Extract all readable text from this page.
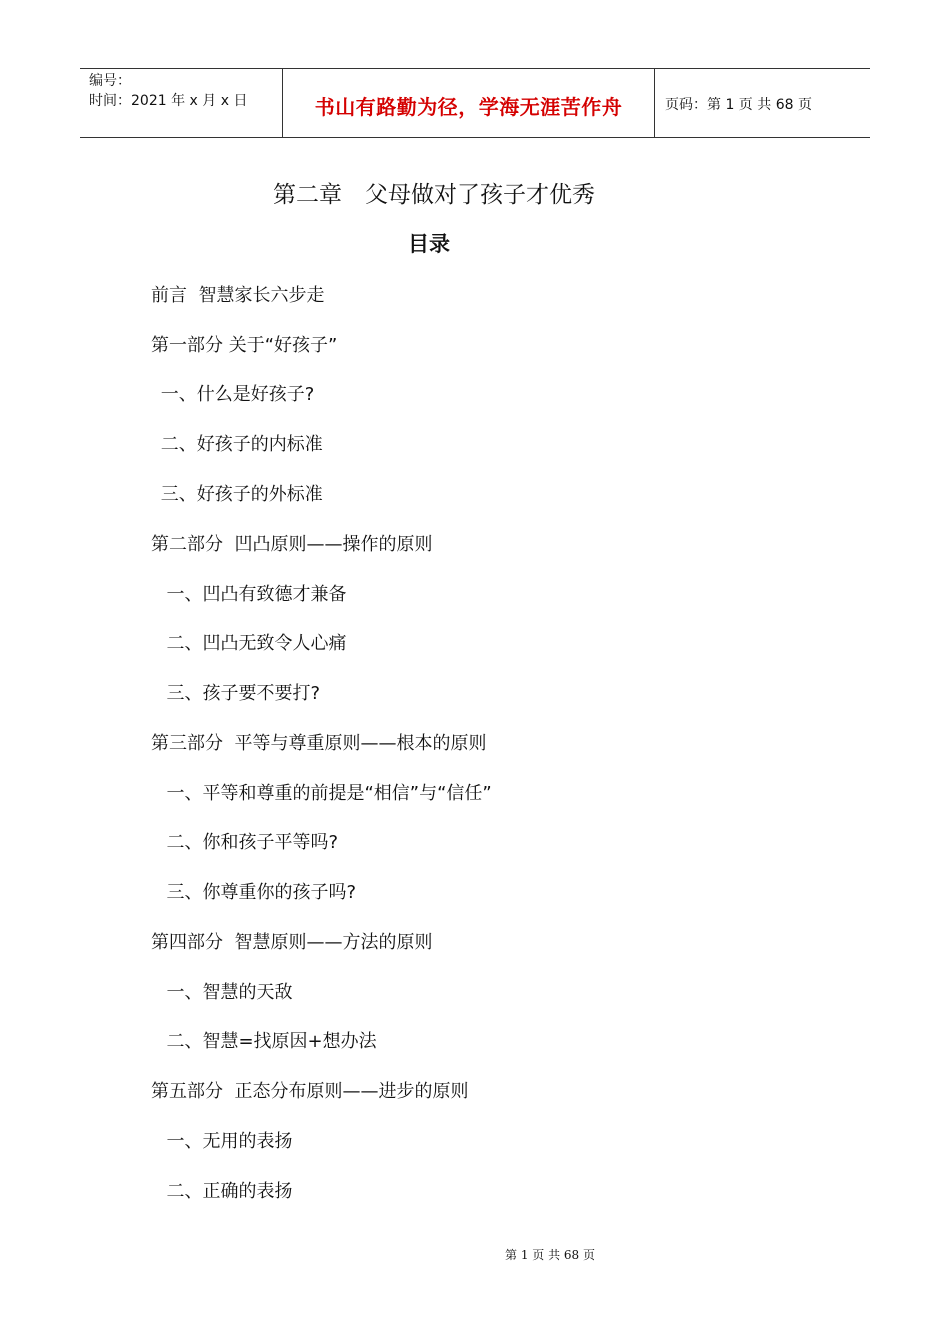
编号：
时间：2021 年 x 月 x 日	书山有路勤为径，学海无涯苦作舟	页码：第 1 页 共 68 页
第二章　父母做对了孩子才优秀
目录
前言  智慧家长六步走
第一部分 关于“好孩子”
一、什么是好孩子?
二、好孩子的内标准
三、好孩子的外标准
第二部分  凹凸原则——操作的原则
一、凹凸有致德才兼备
二、凹凸无致令人心痛
三、孩子要不要打?
第三部分  平等与尊重原则——根本的原则
一、平等和尊重的前提是“相信”与“信任”
二、你和孩子平等吗?
三、你尊重你的孩子吗?
第四部分  智慧原则——方法的原则
一、智慧的天敌
二、智慧=找原因+想办法
第五部分  正态分布原则——进步的原则
一、无用的表扬
二、正确的表扬
第 1 页 共 68 页
